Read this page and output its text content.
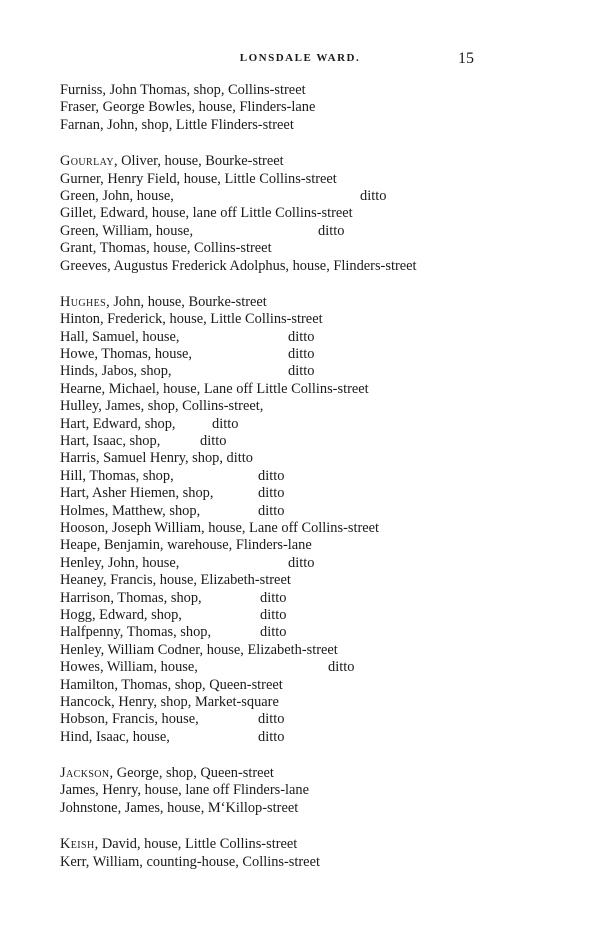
LONSDALE WARD.	15
Furniss, John Thomas, shop, Collins-street
Fraser, George Bowles, house, Flinders-lane
Farnan, John, shop, Little Flinders-street
Gourlay, Oliver, house, Bourke-street
Gurner, Henry Field, house, Little Collins-street
Green, John, house,	ditto
Gillet, Edward, house, lane off Little Collins-street
Green, William, house,	ditto
Grant, Thomas, house, Collins-street
Greeves, Augustus Frederick Adolphus, house, Flinders-street
Hughes, John, house, Bourke-street
Hinton, Frederick, house, Little Collins-street
Hall, Samuel, house,	ditto
Howe, Thomas, house,	ditto
Hinds, Jabos, shop,	ditto
Hearne, Michael, house, Lane off Little Collins-street
Hulley, James, shop, Collins-street,
Hart, Edward, shop,	ditto
Hart, Isaac, shop,	ditto
Harris, Samuel Henry, shop, ditto
Hill, Thomas, shop,	ditto
Hart, Asher Hiemen, shop,	ditto
Holmes, Matthew, shop,	ditto
Hooson, Joseph William, house, Lane off Collins-street
Heape, Benjamin, warehouse, Flinders-lane
Henley, John, house,	ditto
Heaney, Francis, house, Elizabeth-street
Harrison, Thomas, shop,	ditto
Hogg, Edward, shop,	ditto
Halfpenny, Thomas, shop,	ditto
Henley, William Codner, house, Elizabeth-street
Howes, William, house,	ditto
Hamilton, Thomas, shop, Queen-street
Hancock, Henry, shop, Market-square
Hobson, Francis, house,	ditto
Hind, Isaac, house,	ditto
Jackson, George, shop, Queen-street
James, Henry, house, lane off Flinders-lane
Johnstone, James, house, M‘Killop-street
Keish, David, house, Little Collins-street
Kerr, William, counting-house, Collins-street
